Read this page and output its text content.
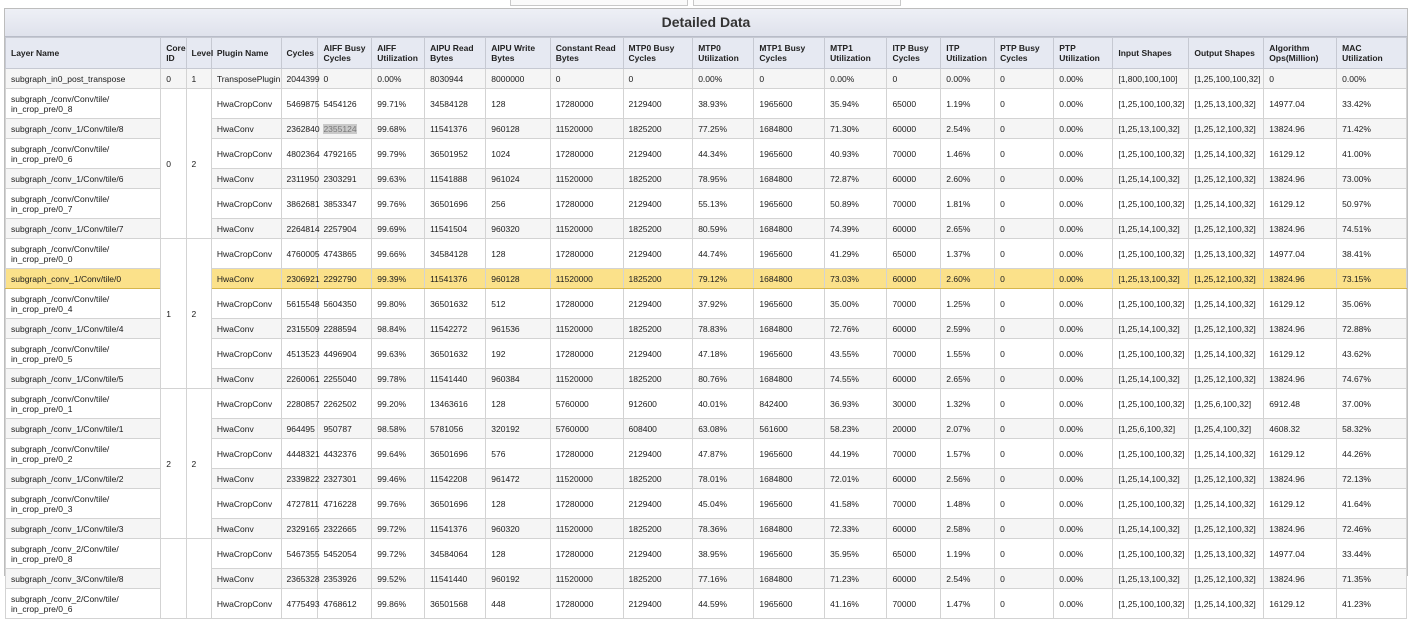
Detailed Data
Layer Name	Core ID	Level	Plugin Name	Cycles	AIFF Busy Cycles	AIFF Utilization	AIPU Read Bytes	AIPU Write Bytes	Constant Read Bytes	MTP0 Busy Cycles	MTP0 Utilization	MTP1 Busy Cycles	MTP1 Utilization	ITP Busy Cycles	ITP Utilization	PTP Busy Cycles	PTP Utilization	Input Shapes	Output Shapes	Algorithm Ops(Million)	MAC Utilization
subgraph_in0_post_transpose	0	1	TransposePlugin	2044399	0	0.00%	8030944	8000000	0	0	0.00%	0	0.00%	0	0.00%	0	0.00%	[1,800,100,100]	[1,25,100,100,32]	0	0.00%
subgraph_/conv/Conv/tile/ in_crop_pre/0_8	0	2	HwaCropConv	5469875	5454126	99.71%	34584128	128	17280000	2129400	38.93%	1965600	35.94%	65000	1.19%	0	0.00%	[1,25,100,100,32]	[1,25,13,100,32]	14977.04	33.42%
subgraph_/conv_1/Conv/tile/8			HwaConv	2362840	2355124	99.68%	11541376	960128	11520000	1825200	77.25%	1684800	71.30%	60000	2.54%	0	0.00%	[1,25,13,100,32]	[1,25,12,100,32]	13824.96	71.42%
subgraph_/conv/Conv/tile/ in_crop_pre/0_6			HwaCropConv	4802364	4792165	99.79%	36501952	1024	17280000	2129400	44.34%	1965600	40.93%	70000	1.46%	0	0.00%	[1,25,100,100,32]	[1,25,14,100,32]	16129.12	41.00%
subgraph_/conv_1/Conv/tile/6			HwaConv	2311950	2303291	99.63%	11541888	961024	11520000	1825200	78.95%	1684800	72.87%	60000	2.60%	0	0.00%	[1,25,14,100,32]	[1,25,12,100,32]	13824.96	73.00%
subgraph_/conv/Conv/tile/ in_crop_pre/0_7			HwaCropConv	3862681	3853347	99.76%	36501696	256	17280000	2129400	55.13%	1965600	50.89%	70000	1.81%	0	0.00%	[1,25,100,100,32]	[1,25,14,100,32]	16129.12	50.97%
subgraph_/conv_1/Conv/tile/7			HwaConv	2264814	2257904	99.69%	11541504	960320	11520000	1825200	80.59%	1684800	74.39%	60000	2.65%	0	0.00%	[1,25,14,100,32]	[1,25,12,100,32]	13824.96	74.51%
subgraph_/conv/Conv/tile/ in_crop_pre/0_0	1	2	HwaCropConv	4760005	4743865	99.66%	34584128	128	17280000	2129400	44.74%	1965600	41.29%	65000	1.37%	0	0.00%	[1,25,100,100,32]	[1,25,13,100,32]	14977.04	38.41%
subgraph_conv_1/Conv/tile/0			HwaConv	2306921	2292790	99.39%	11541376	960128	11520000	1825200	79.12%	1684800	73.03%	60000	2.60%	0	0.00%	[1,25,13,100,32]	[1,25,12,100,32]	13824.96	73.15%
subgraph_/conv/Conv/tile/ in_crop_pre/0_4			HwaCropConv	5615548	5604350	99.80%	36501632	512	17280000	2129400	37.92%	1965600	35.00%	70000	1.25%	0	0.00%	[1,25,100,100,32]	[1,25,14,100,32]	16129.12	35.06%
subgraph_/conv_1/Conv/tile/4			HwaConv	2315509	2288594	98.84%	11542272	961536	11520000	1825200	78.83%	1684800	72.76%	60000	2.59%	0	0.00%	[1,25,14,100,32]	[1,25,12,100,32]	13824.96	72.88%
subgraph_/conv/Conv/tile/ in_crop_pre/0_5			HwaCropConv	4513523	4496904	99.63%	36501632	192	17280000	2129400	47.18%	1965600	43.55%	70000	1.55%	0	0.00%	[1,25,100,100,32]	[1,25,14,100,32]	16129.12	43.62%
subgraph_/conv_1/Conv/tile/5			HwaConv	2260061	2255040	99.78%	11541440	960384	11520000	1825200	80.76%	1684800	74.55%	60000	2.65%	0	0.00%	[1,25,14,100,32]	[1,25,12,100,32]	13824.96	74.67%
subgraph_/conv/Conv/tile/ in_crop_pre/0_1	2	2	HwaCropConv	2280857	2262502	99.20%	13463616	128	5760000	912600	40.01%	842400	36.93%	30000	1.32%	0	0.00%	[1,25,100,100,32]	[1,25,6,100,32]	6912.48	37.00%
subgraph_/conv_1/Conv/tile/1			HwaConv	964495	950787	98.58%	5781056	320192	5760000	608400	63.08%	561600	58.23%	20000	2.07%	0	0.00%	[1,25,6,100,32]	[1,25,4,100,32]	4608.32	58.32%
subgraph_/conv/Conv/tile/ in_crop_pre/0_2			HwaCropConv	4448321	4432376	99.64%	36501696	576	17280000	2129400	47.87%	1965600	44.19%	70000	1.57%	0	0.00%	[1,25,100,100,32]	[1,25,14,100,32]	16129.12	44.26%
subgraph_/conv_1/Conv/tile/2			HwaConv	2339822	2327301	99.46%	11542208	961472	11520000	1825200	78.01%	1684800	72.01%	60000	2.56%	0	0.00%	[1,25,14,100,32]	[1,25,12,100,32]	13824.96	72.13%
subgraph_/conv/Conv/tile/ in_crop_pre/0_3			HwaCropConv	4727811	4716228	99.76%	36501696	128	17280000	2129400	45.04%	1965600	41.58%	70000	1.48%	0	0.00%	[1,25,100,100,32]	[1,25,14,100,32]	16129.12	41.64%
subgraph_/conv_1/Conv/tile/3			HwaConv	2329165	2322665	99.72%	11541376	960320	11520000	1825200	78.36%	1684800	72.33%	60000	2.58%	0	0.00%	[1,25,14,100,32]	[1,25,12,100,32]	13824.96	72.46%
subgraph_/conv_2/Conv/tile/ in_crop_pre/0_8			HwaCropConv	5467355	5452054	99.72%	34584064	128	17280000	2129400	38.95%	1965600	35.95%	65000	1.19%	0	0.00%	[1,25,100,100,32]	[1,25,13,100,32]	14977.04	33.44%
subgraph_/conv_3/Conv/tile/8			HwaConv	2365328	2353926	99.52%	11541440	960192	11520000	1825200	77.16%	1684800	71.23%	60000	2.54%	0	0.00%	[1,25,13,100,32]	[1,25,12,100,32]	13824.96	71.35%
subgraph_/conv_2/Conv/tile/ in_crop_pre/0_6			HwaCropConv	4775493	4768612	99.86%	36501568	448	17280000	2129400	44.59%	1965600	41.16%	70000	1.47%	0	0.00%	[1,25,100,100,32]	[1,25,14,100,32]	16129.12	41.23%
